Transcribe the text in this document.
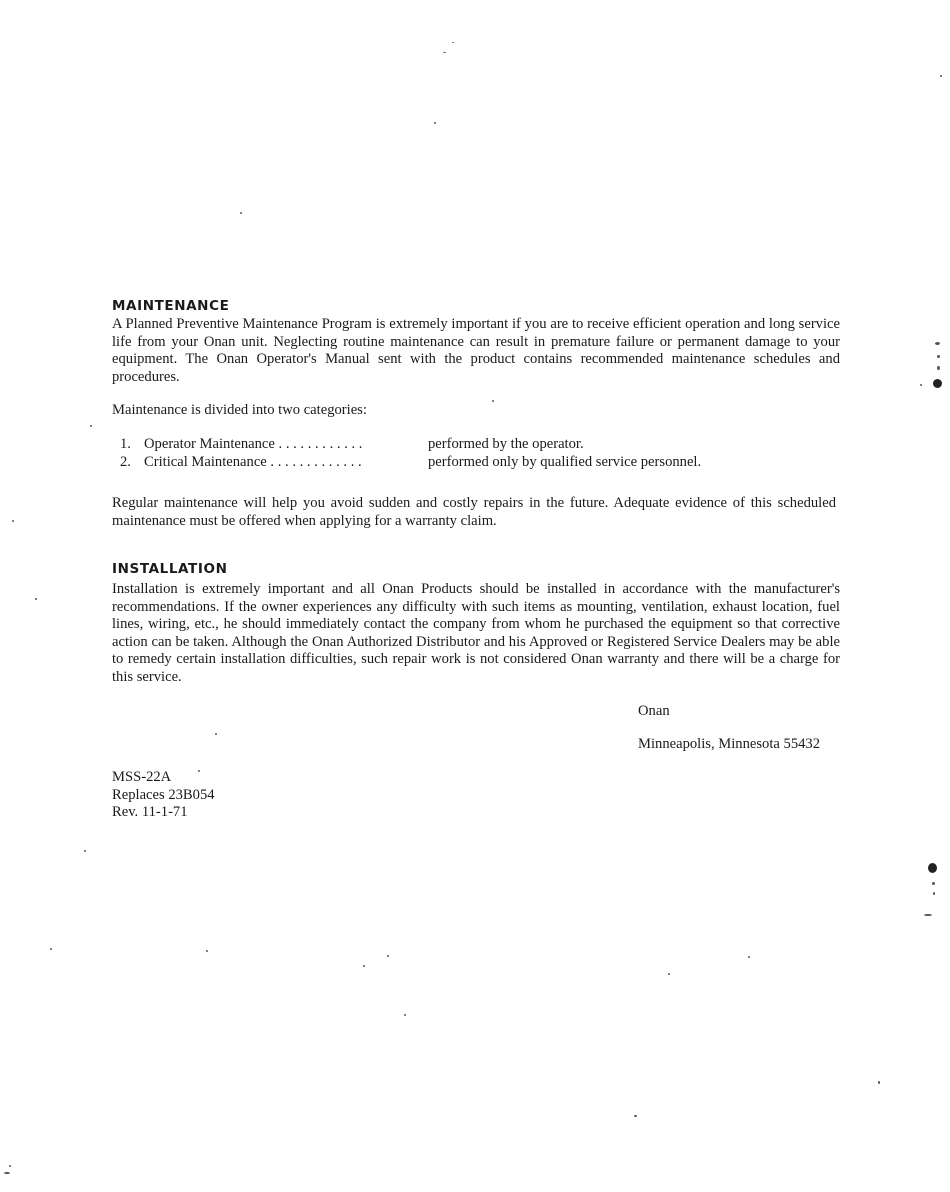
MAINTENANCE

A Planned Preventive Maintenance Program is extremely important if you are to receive efficient operation and long service life from your Onan unit. Neglecting routine maintenance can result in premature failure or permanent damage to your equipment. The Onan Operator's Manual sent with the product contains recommended maintenance schedules and procedures.

Maintenance is divided into two categories:

1. Operator Maintenance . . . . . . . . . . . .	performed by the operator.
2. Critical Maintenance . . . . . . . . . . . . .	performed only by qualified service personnel.

Regular maintenance will help you avoid sudden and costly repairs in the future. Adequate evidence of this scheduled maintenance must be offered when applying for a warranty claim.

INSTALLATION

Installation is extremely important and all Onan Products should be installed in accordance with the manufacturer's recommendations. If the owner experiences any difficulty with such items as mounting, ventilation, exhaust location, fuel lines, wiring, etc., he should immediately contact the company from whom he purchased the equipment so that corrective action can be taken. Although the Onan Authorized Distributor and his Approved or Registered Service Dealers may be able to remedy certain installation difficulties, such repair work is not considered Onan warranty and there will be a charge for this service.

Onan

Minneapolis, Minnesota 55432

MSS-22A
Replaces 23B054
Rev. 11-1-71
